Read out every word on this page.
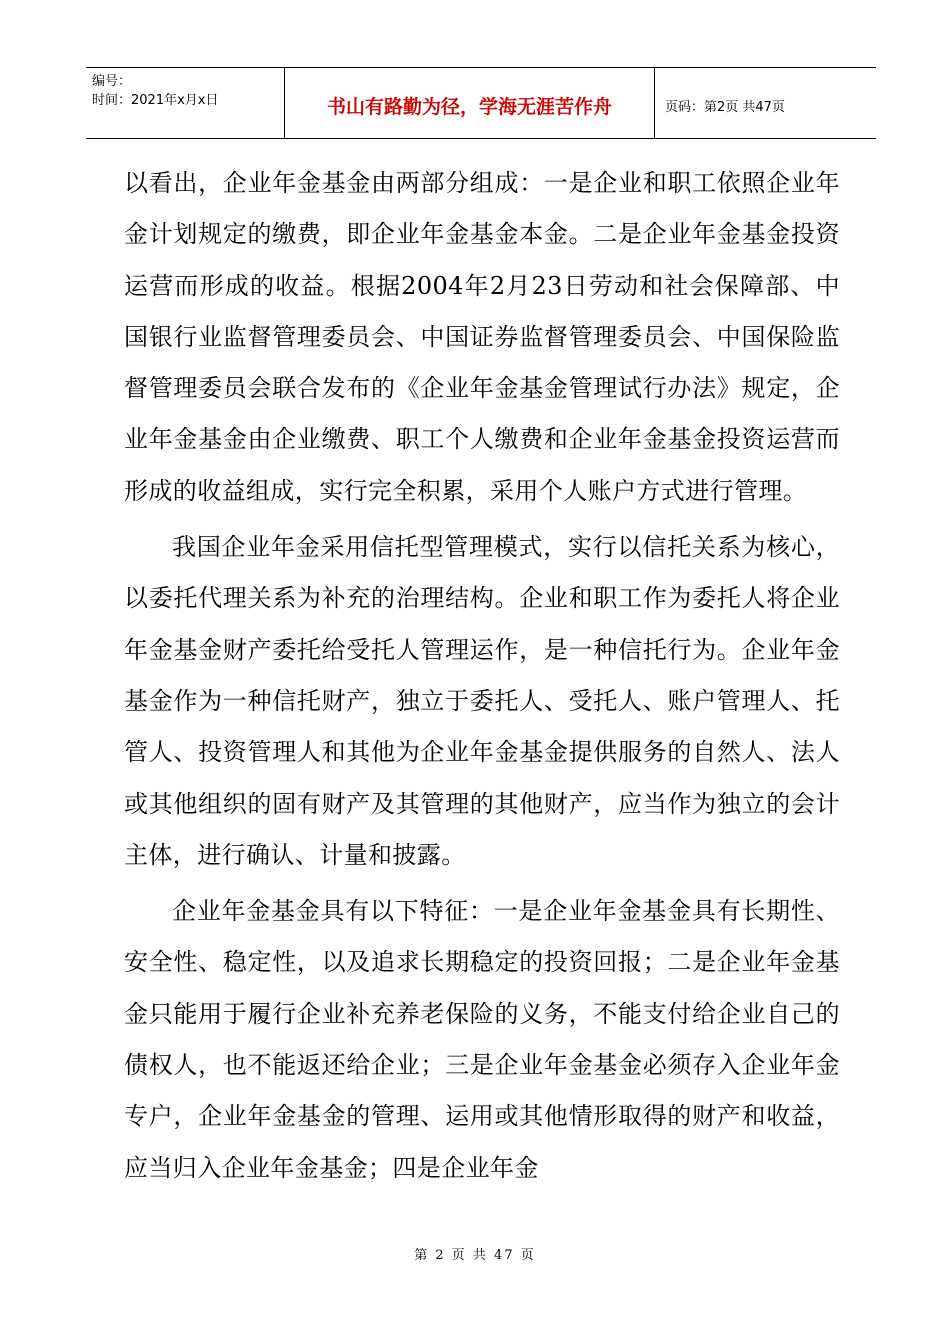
编号：
时间：2021年x月x日	书山有路勤为径，学海无涯苦作舟	页码：第2页 共47页

以看出，企业年金基金由两部分组成：一是企业和职工依照企业年金计划规定的缴费，即企业年金基金本金。二是企业年金基金投资运营而形成的收益。根据2004年2月23日劳动和社会保障部、中国银行业监督管理委员会、中国证券监督管理委员会、中国保险监督管理委员会联合发布的《企业年金基金管理试行办法》规定，企业年金基金由企业缴费、职工个人缴费和企业年金基金投资运营而形成的收益组成，实行完全积累，采用个人账户方式进行管理。

我国企业年金采用信托型管理模式，实行以信托关系为核心，以委托代理关系为补充的治理结构。企业和职工作为委托人将企业年金基金财产委托给受托人管理运作，是一种信托行为。企业年金基金作为一种信托财产，独立于委托人、受托人、账户管理人、托管人、投资管理人和其他为企业年金基金提供服务的自然人、法人或其他组织的固有财产及其管理的其他财产，应当作为独立的会计主体，进行确认、计量和披露。

企业年金基金具有以下特征：一是企业年金基金具有长期性、安全性、稳定性，以及追求长期稳定的投资回报；二是企业年金基金只能用于履行企业补充养老保险的义务，不能支付给企业自己的债权人，也不能返还给企业；三是企业年金基金必须存入企业年金专户，企业年金基金的管理、运用或其他情形取得的财产和收益，应当归入企业年金基金；四是企业年金

第 2 页 共 47 页
